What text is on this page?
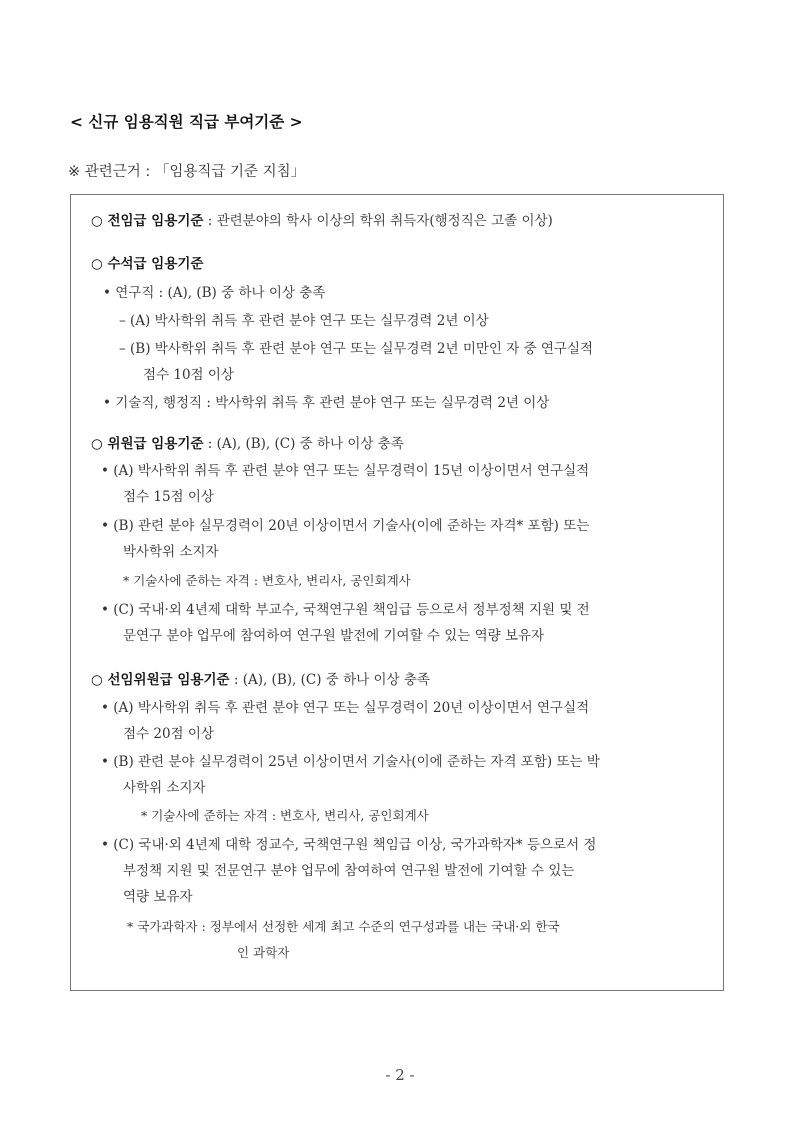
< 신규 임용직원 직급 부여기준 >
※ 관련근거 : 「임용직급 기준 지침」
○ 전임급 임용기준 : 관련분야의 학사 이상의 학위 취득자(행정직은 고졸 이상)
○ 수석급 임용기준
• 연구직 : (A), (B) 중 하나 이상 충족
– (A) 박사학위 취득 후 관련 분야 연구 또는 실무경력 2년 이상
– (B) 박사학위 취득 후 관련 분야 연구 또는 실무경력 2년 미만인 자 중 연구실적
점수 10점 이상
• 기술직, 행정직 : 박사학위 취득 후 관련 분야 연구 또는 실무경력 2년 이상
○ 위원급 임용기준 : (A), (B), (C) 중 하나 이상 충족
• (A) 박사학위 취득 후 관련 분야 연구 또는 실무경력이 15년 이상이면서 연구실적
점수 15점 이상
• (B) 관련 분야 실무경력이 20년 이상이면서 기술사(이에 준하는 자격* 포함) 또는
박사학위 소지자
* 기술사에 준하는 자격 : 변호사, 변리사, 공인회계사
• (C) 국내·외 4년제 대학 부교수, 국책연구원 책임급 등으로서 정부정책 지원 및 전
문연구 분야 업무에 참여하여 연구원 발전에 기여할 수 있는 역량 보유자
○ 선임위원급 임용기준 : (A), (B), (C) 중 하나 이상 충족
• (A) 박사학위 취득 후 관련 분야 연구 또는 실무경력이 20년 이상이면서 연구실적
점수 20점 이상
• (B) 관련 분야 실무경력이 25년 이상이면서 기술사(이에 준하는 자격 포함) 또는 박
사학위 소지자
* 기술사에 준하는 자격 : 변호사, 변리사, 공인회계사
• (C) 국내·외 4년제 대학 정교수, 국책연구원 책임급 이상, 국가과학자* 등으로서 정
부정책 지원 및 전문연구 분야 업무에 참여하여 연구원 발전에 기여할 수 있는
역량 보유자
* 국가과학자 : 정부에서 선정한 세계 최고 수준의 연구성과를 내는 국내·외 한국
인 과학자
- 2 -
